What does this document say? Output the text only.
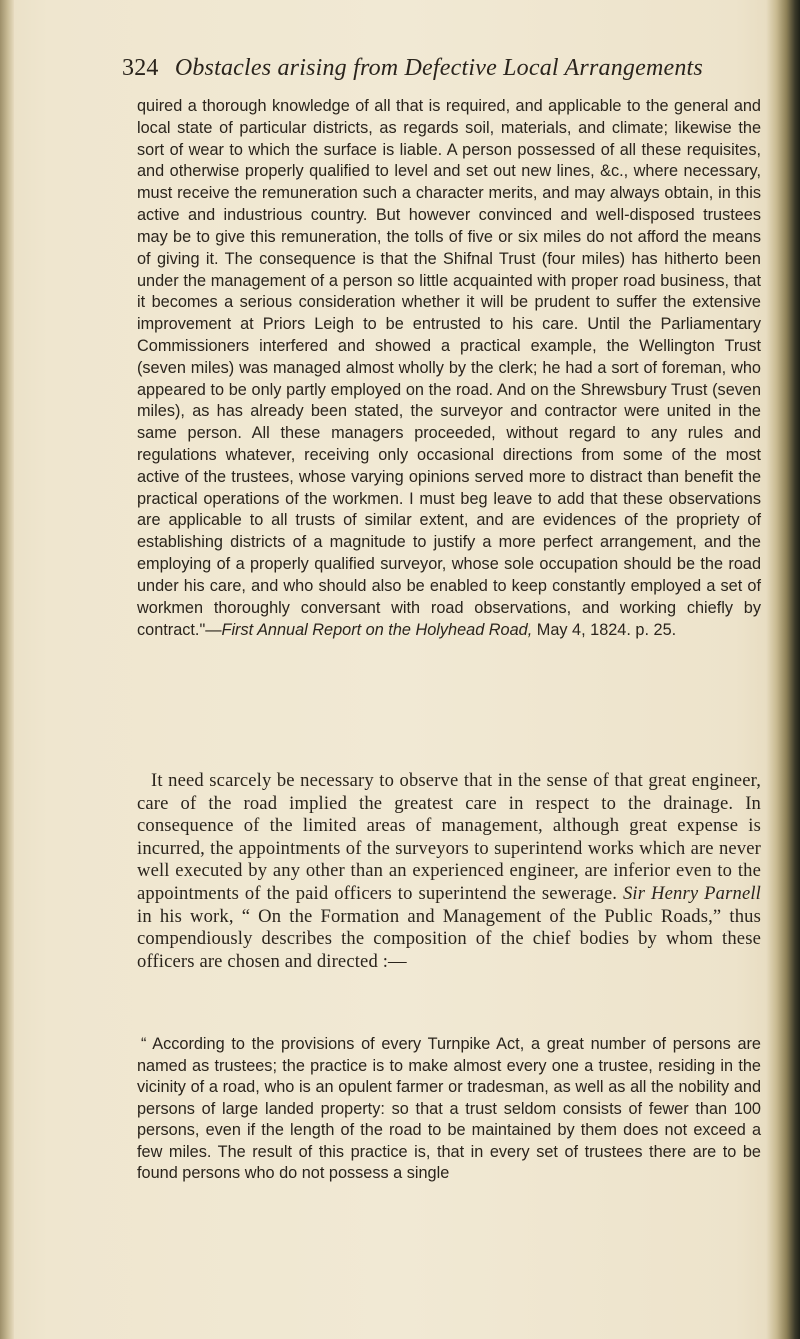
324 Obstacles arising from Defective Local Arrangements

quired a thorough knowledge of all that is required, and applicable to the general and local state of particular districts, as regards soil, materials, and climate; likewise the sort of wear to which the surface is liable. A person possessed of all these requisites, and otherwise properly qualified to level and set out new lines, &c., where necessary, must receive the remuneration such a character merits, and may always obtain, in this active and industrious country. But however convinced and well-disposed trustees may be to give this remuneration, the tolls of five or six miles do not afford the means of giving it. The consequence is that the Shifnal Trust (four miles) has hitherto been under the management of a person so little acquainted with proper road business, that it becomes a serious consideration whether it will be prudent to suffer the extensive improvement at Priors Leigh to be entrusted to his care. Until the Parliamentary Commissioners interfered and showed a practical example, the Wellington Trust (seven miles) was managed almost wholly by the clerk; he had a sort of foreman, who appeared to be only partly employed on the road. And on the Shrewsbury Trust (seven miles), as has already been stated, the surveyor and contractor were united in the same person. All these managers proceeded, without regard to any rules and regulations whatever, receiving only occasional directions from some of the most active of the trustees, whose varying opinions served more to distract than benefit the practical operations of the workmen. I must beg leave to add that these observations are applicable to all trusts of similar extent, and are evidences of the propriety of establishing districts of a magnitude to justify a more perfect arrangement, and the employing of a properly qualified surveyor, whose sole occupation should be the road under his care, and who should also be enabled to keep constantly employed a set of workmen thoroughly conversant with road observations, and working chiefly by contract."—First Annual Report on the Holyhead Road, May 4, 1824. p. 25.

It need scarcely be necessary to observe that in the sense of that great engineer, care of the road implied the greatest care in respect to the drainage. In consequence of the limited areas of management, although great expense is incurred, the appointments of the surveyors to superintend works which are never well executed by any other than an experienced engineer, are inferior even to the appointments of the paid officers to superintend the sewerage. Sir Henry Parnell in his work, “ On the Formation and Management of the Public Roads,” thus compendiously describes the composition of the chief bodies by whom these officers are chosen and directed :—

“ According to the provisions of every Turnpike Act, a great number of persons are named as trustees; the practice is to make almost every one a trustee, residing in the vicinity of a road, who is an opulent farmer or tradesman, as well as all the nobility and persons of large landed property: so that a trust seldom consists of fewer than 100 persons, even if the length of the road to be maintained by them does not exceed a few miles. The result of this practice is, that in every set of trustees there are to be found persons who do not possess a single
